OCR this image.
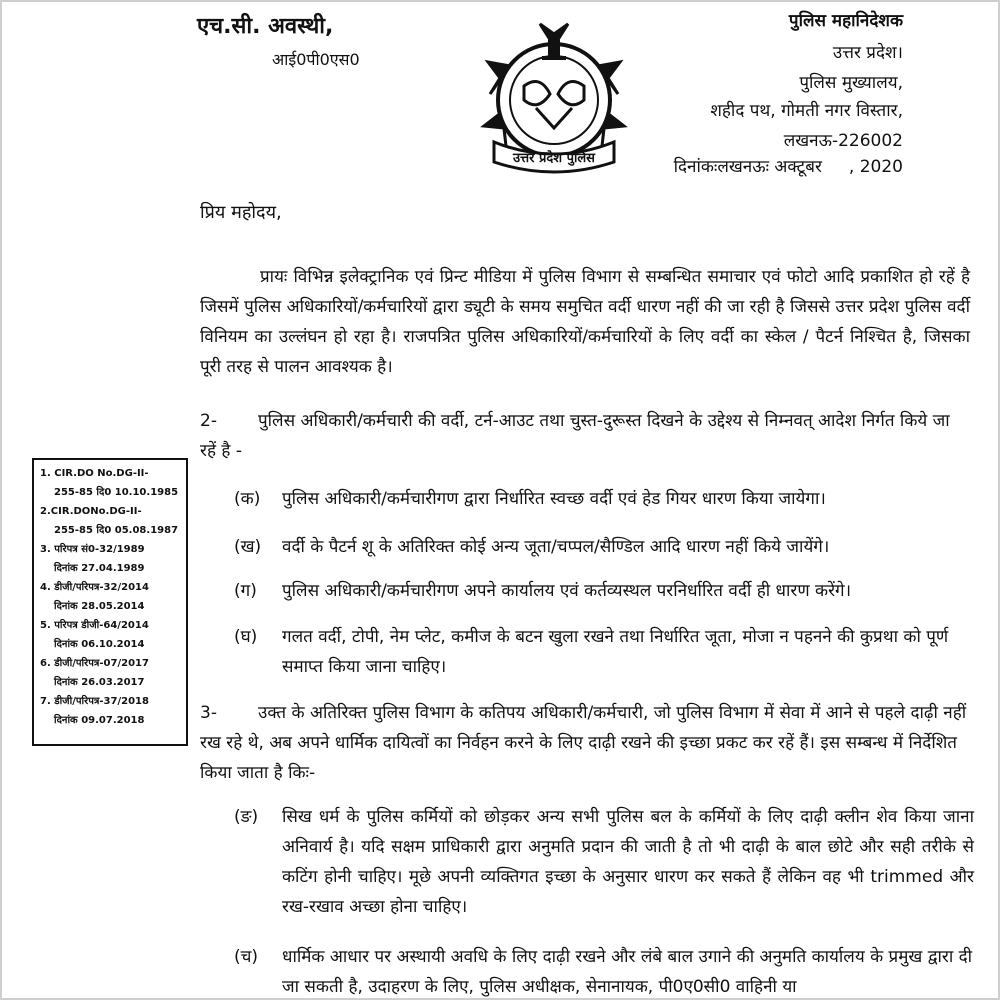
एच.सी. अवस्थी,
आई0पी0एस0
उत्तर प्रदेश पुलिस
पुलिस महानिदेशक
उत्तर प्रदेश।
पुलिस मुख्यालय,
शहीद पथ, गोमती नगर विस्तार,
लखनऊ-226002
दिनांकःलखनऊः अक्टूबर     , 2020
प्रिय महोदय,
प्रायः विभिन्न इलेक्ट्रानिक एवं प्रिन्ट मीडिया में पुलिस विभाग से सम्बन्धित समाचार एवं फोटो आदि प्रकाशित हो रहें है जिसमें पुलिस अधिकारियों/कर्मचारियों द्वारा ड्यूटी के समय समुचित वर्दी धारण नहीं की जा रही है जिससे उत्तर प्रदेश पुलिस वर्दी विनियम का उल्लंघन हो रहा है। राजपत्रित पुलिस अधिकारियों/कर्मचारियों के लिए वर्दी का स्केल / पैटर्न निश्चित है, जिसका पूरी तरह से पालन आवश्यक है।
2- पुलिस अधिकारी/कर्मचारी की वर्दी, टर्न-आउट तथा चुस्त-दुरूस्त दिखने के उद्देश्य से निम्नवत् आदेश निर्गत किये जा रहें है -
(क)	पुलिस अधिकारी/कर्मचारीगण द्वारा निर्धारित स्वच्छ वर्दी एवं हेड गियर धारण किया जायेगा।
(ख)	वर्दी के पैटर्न शू के अतिरिक्त कोई अन्य जूता/चप्पल/सैण्डिल आदि धारण नहीं किये जायेंगे।
(ग)	पुलिस अधिकारी/कर्मचारीगण अपने कार्यालय एवं कर्तव्यस्थल परनिर्धारित वर्दी ही धारण करेंगे।
(घ)	गलत वर्दी, टोपी, नेम प्लेट, कमीज के बटन खुला रखने तथा निर्धारित जूता, मोजा न पहनने की कुप्रथा को पूर्ण समाप्त किया जाना चाहिए।
3- उक्त के अतिरिक्त पुलिस विभाग के कतिपय अधिकारी/कर्मचारी, जो पुलिस विभाग में सेवा में आने से पहले दाढ़ी नहीं रख रहे थे, अब अपने धार्मिक दायित्वों का निर्वहन करने के लिए दाढ़ी रखने की इच्छा प्रकट कर रहें हैं। इस सम्बन्ध में निर्देशित किया जाता है किः-
(ङ)	सिख धर्म के पुलिस कर्मियों को छोड़कर अन्य सभी पुलिस बल के कर्मियों के लिए दाढ़ी क्लीन शेव किया जाना अनिवार्य है। यदि सक्षम प्राधिकारी द्वारा अनुमति प्रदान की जाती है तो भी दाढ़ी के बाल छोटे और सही तरीके से कटिंग होनी चाहिए। मूछे अपनी व्यक्तिगत इच्छा के अनुसार धारण कर सकते हैं लेकिन वह भी trimmed और रख-रखाव अच्छा होना चाहिए।
(च)	धार्मिक आधार पर अस्थायी अवधि के लिए दाढ़ी रखने और लंबे बाल उगाने की अनुमति कार्यालय के प्रमुख द्वारा दी जा सकती है, उदाहरण के लिए, पुलिस अधीक्षक, सेनानायक, पी0ए0सी0 वाहिनी या
1. CIR.DO No.DG-II-
255-85 दि0 10.10.1985
2.CIR.DONo.DG-II-
255-85 दि0 05.08.1987
3. परिपत्र सं0-32/1989
दिनांक 27.04.1989
4. डीजी/परिपत्र-32/2014
दिनांक 28.05.2014
5. परिपत्र डीजी-64/2014
दिनांक 06.10.2014
6. डीजी/परिपत्र-07/2017
दिनांक 26.03.2017
7. डीजी/परिपत्र-37/2018
दिनांक 09.07.2018
